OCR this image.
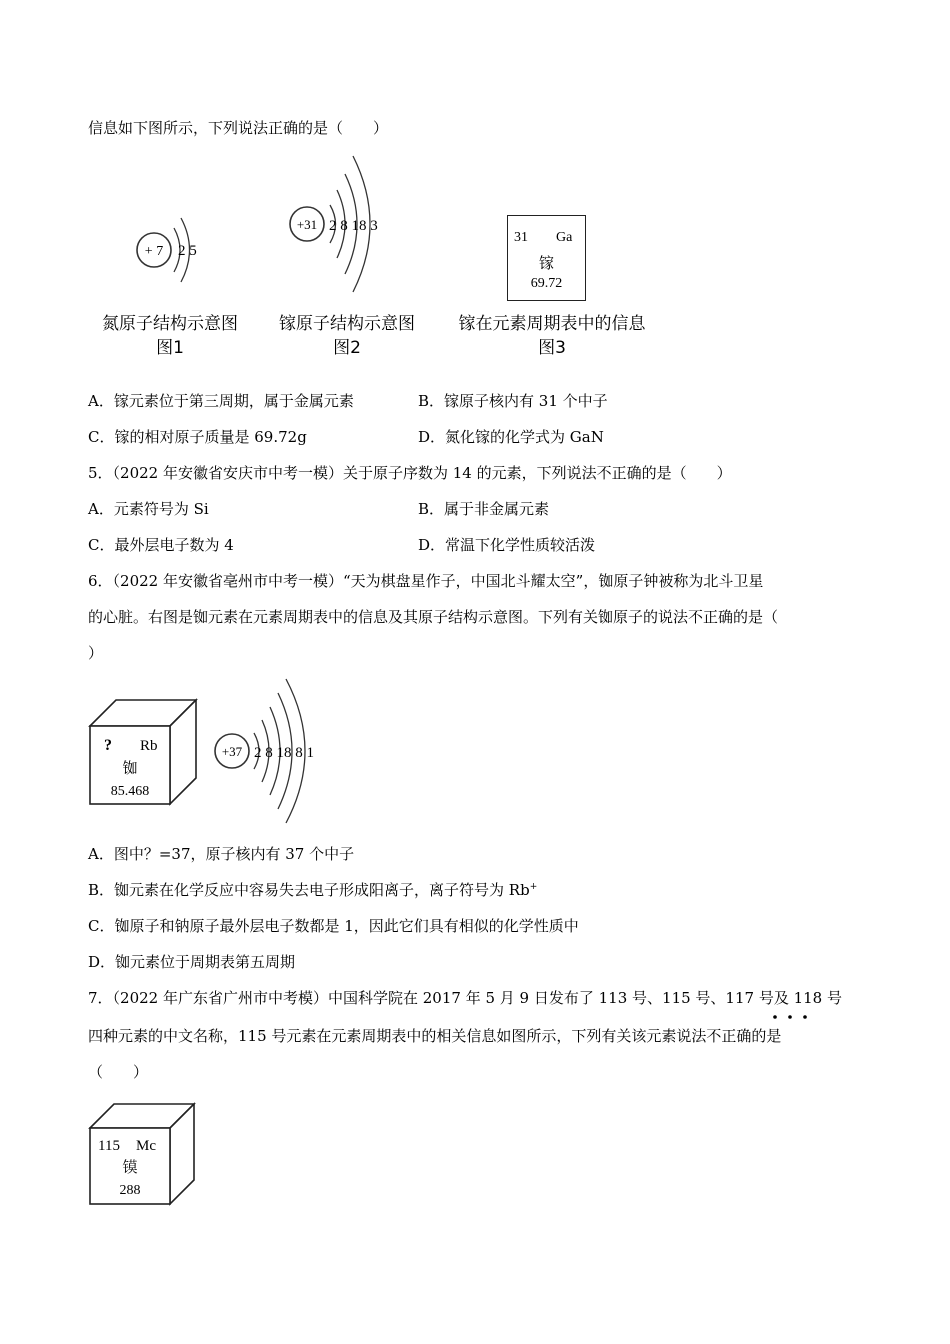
信息如下图所示，下列说法正确的是（　　）
+ 7 2 5
+31 2 8 18 3
31 Ga
镓
69.72
氮原子结构示意图
图1
镓原子结构示意图
图2
镓在元素周期表中的信息
图3
A．镓元素位于第三周期，属于金属元素	B．镓原子核内有 31 个中子
C．镓的相对原子质量是 69.72g	D．氮化镓的化学式为 GaN
5．（2022 年安徽省安庆市中考一模）关于原子序数为 14 的元素，下列说法不正确的是（　　）
A．元素符号为 Si	B．属于非金属元素
C．最外层电子数为 4	D．常温下化学性质较活泼
6．（2022 年安徽省亳州市中考一模）“天为棋盘星作子，中国北斗耀太空”，铷原子钟被称为北斗卫星
的心脏。右图是铷元素在元素周期表中的信息及其原子结构示意图。下列有关铷原子的说法不正确的是（
）
? Rb
铷
85.468
+37 2 8 18 8 1
A．图中？=37，原子核内有 37 个中子
B．铷元素在化学反应中容易失去电子形成阳离子，离子符号为 Rb+
C．铷原子和钠原子最外层电子数都是 1，因此它们具有相似的化学性质中
D．铷元素位于周期表第五周期
7．（2022 年广东省广州市中考模）中国科学院在 2017 年 5 月 9 日发布了 113 号、115 号、117 号及 118 号
四种元素的中文名称，115 号元素在元素周期表中的相关信息如图所示，下列有关该元素说法不正确的是
（　　）
115 Mc
镆
288
